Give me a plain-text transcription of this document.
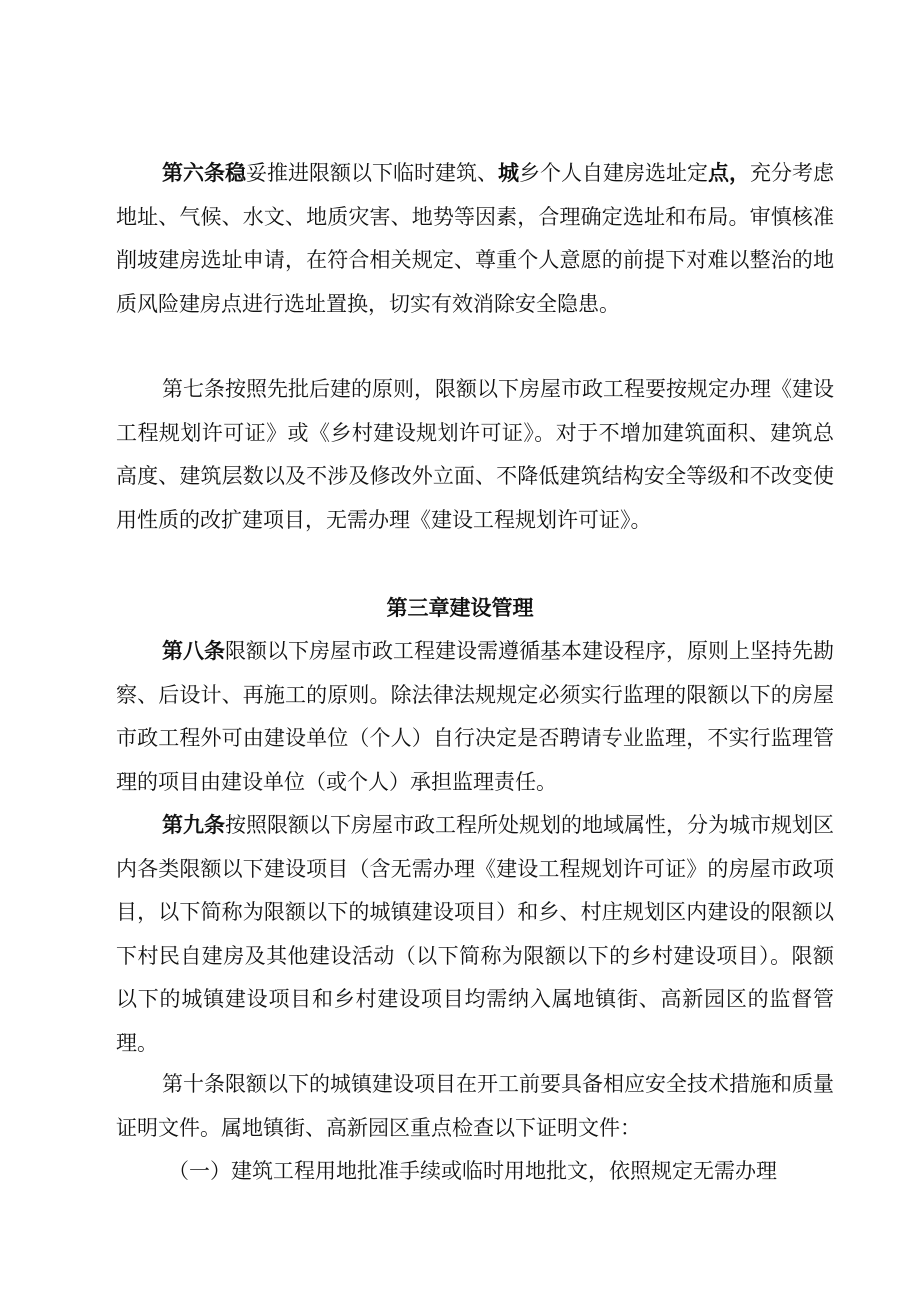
第六条稳妥推进限额以下临时建筑、城乡个人自建房选址定点，充分考虑地址、气候、水文、地质灾害、地势等因素，合理确定选址和布局。审慎核准削坡建房选址申请，在符合相关规定、尊重个人意愿的前提下对难以整治的地质风险建房点进行选址置换，切实有效消除安全隐患。

第七条按照先批后建的原则，限额以下房屋市政工程要按规定办理《建设工程规划许可证》或《乡村建设规划许可证》。对于不增加建筑面积、建筑总高度、建筑层数以及不涉及修改外立面、不降低建筑结构安全等级和不改变使用性质的改扩建项目，无需办理《建设工程规划许可证》。

第三章建设管理

第八条限额以下房屋市政工程建设需遵循基本建设程序，原则上坚持先勘察、后设计、再施工的原则。除法律法规规定必须实行监理的限额以下的房屋市政工程外可由建设单位（个人）自行决定是否聘请专业监理，不实行监理管理的项目由建设单位（或个人）承担监理责任。

第九条按照限额以下房屋市政工程所处规划的地域属性，分为城市规划区内各类限额以下建设项目（含无需办理《建设工程规划许可证》的房屋市政项目，以下简称为限额以下的城镇建设项目）和乡、村庄规划区内建设的限额以下村民自建房及其他建设活动（以下简称为限额以下的乡村建设项目）。限额以下的城镇建设项目和乡村建设项目均需纳入属地镇街、高新园区的监督管理。

第十条限额以下的城镇建设项目在开工前要具备相应安全技术措施和质量证明文件。属地镇街、高新园区重点检查以下证明文件：

（一）建筑工程用地批准手续或临时用地批文，依照规定无需办理
